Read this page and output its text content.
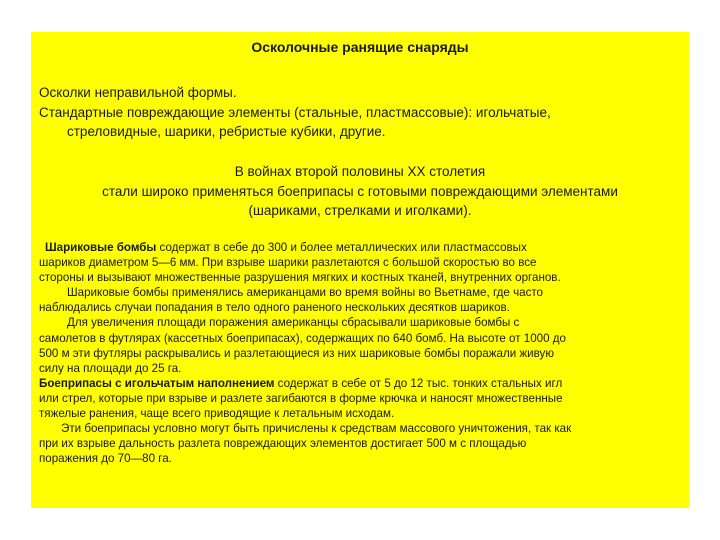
Осколочные ранящие снаряды

Осколки неправильной формы.

Стандартные повреждающие элементы (стальные, пластмассовые): игольчатые,

стреловидные, шарики, ребристые кубики, другие.

В войнах второй половины XX столетия

стали широко применяться боеприпасы с готовыми повреждающими элементами

(шариками, стрелками и иголками).

Шариковые бомбы содержат в себе до 300 и более металлических или пластмассовых

шариков диаметром 5—6 мм. При взрыве шарики разлетаются с большой скоростью во все

стороны и вызывают множественные разрушения мягких и костных тканей, внутренних органов.

Шариковые бомбы применялись американцами во время войны во Вьетнаме, где часто

наблюдались случаи попадания в тело одного раненого нескольких десятков шариков.

Для увеличения площади поражения американцы сбрасывали шариковые бомбы с

самолетов в футлярах (кассетных боеприпасах), содержащих по 640 бомб. На высоте от 1000 до

500 м эти футляры раскрывались и разлетающиеся из них шариковые бомбы поражали живую

силу на площади до 25 га.

Боеприпасы с игольчатым наполнением содержат в себе от 5 до 12 тыс. тонких стальных игл

или стрел, которые при взрыве и разлете загибаются в форме крючка и наносят множественные

тяжелые ранения, чаще всего приводящие к летальным исходам.

Эти боеприпасы условно могут быть причислены к средствам массового уничтожения, так как

при их взрыве дальность разлета повреждающих элементов достигает 500 м с площадью

поражения до 70—80 га.
